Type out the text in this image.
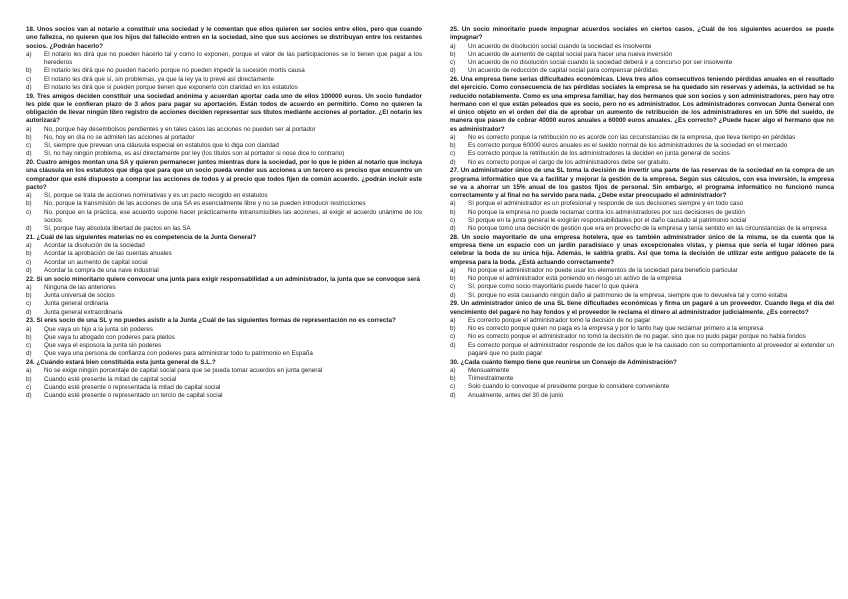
18. Unos socios van al notario a constituir una sociedad y le comentan que ellos quieren ser socios entre ellos, pero que cuando uno fallezca, no quieren que los hijos del fallecido entren en la sociedad, sino que sus acciones se distribuyan entre los restantes socios. ¿Podrán hacerlo?
a)	El notario les dirá que no pueden hacerlo tal y como lo exponen, porque el valor de las participaciones se lo tienen que pagar a los herederos
b)	El notario les dirá que no pueden hacerlo porque no pueden impedir la sucesión mortis causa
c)	El notario les dirá que sí, sin problemas, ya que la ley ya lo prevé así directamente
d)	El notario les dirá que sí pueden porque tienen que exponerlo con claridad en los estatutos
19. Tres amigos deciden constituir una sociedad anónima y acuerdan aportar cada uno de ellos 100000 euros. Un socio fundador les pide que le confieran plazo de 3 años para pagar su aportación. Están todos de acuerdo en permitirlo. Como no quieren la obligación de llevar ningún libro registro de acciones deciden representar sus títulos mediante acciones al portador. ¿El notario les autorizará?
a)	No, porque hay desembolsos pendientes y en tales casos las acciones no pueden ser al portador
b)	No, hoy en día no se admiten las acciones al portador
c)	Sí, siempre que prevean una cláusula especial en estatutos que lo diga con claridad
d)	Sí, no hay ningún problema, es así directamente por ley (los títulos son al portador si nose dice lo contrario)
20. Cuatro amigos montan una SA y quieren permanecer juntos mientras dure la sociedad, por lo que le piden al notario que incluya una cláusula en los estatutos que diga que para que un socio pueda vender sus acciones a un tercero es preciso que encuentre un comprador que esté dispuesto a comprar las acciones de todos y al precio que todos fijen de común acuerdo. ¿podrán incluir este pacto?
a)	Sí, porque se trata de acciones nominativas y es un pacto recogido en estatutos
b)	No, porque la transmisión de las acciones de una SA es esencialmente libre y no se pueden introducir restricciones
c)	No, porque en la práctica, ese acuerdo supone hacer prácticamente intransmisibles las acciones, al exigir el acuerdo unánime de los socios
d)	Sí, porque hay absoluta libertad de pactos en las SA
21. ¿Cuál de las siguientes materias no es competencia de la Junta General?
a)	Acordar la disolución de la sociedad
b)	Acordar la aprobación de las cuentas anuales
c)	Acordar un aumento de capital social
d)	Acordar la compra de una nave industrial
22. Si un socio minoritario quiere convocar una junta para exigir responsabilidad a un administrador, la junta que se convoque será
a)	Ninguna de las anteriores
b)	Junta universal de socios
c)	Junta general ordinaria
d)	Junta general extraordinaria
23. Si eres socio de una SL y no puedes asistir a la Junta ¿Cuál de las siguientes formas de representación no es correcta?
a)	Que vaya un hijo a la junta sin poderes
b)	Que vaya tu abogado con poderes para pleitos
c)	Que vaya el esposo/a la junta sin poderes
d)	Que vaya una persona de confianza con poderes para administrar todo tu patrimonio en España
24. ¿Cuándo estará bien constituida esta junta general de S.L.?
a)	No se exige ningún porcentaje de capital social para que se pueda tomar acuerdos en junta general
b)	Cuando esté presente la mitad de capital social
c)	Cuando esté presente o representada la mitad de capital social
d)	Cuando esté presente o representado un tercio de capital social
25. Un socio minoritario puede impugnar acuerdos sociales en ciertos casos. ¿Cuál de los siguientes acuerdos se puede impugnar?
a)	Un acuerdo de disolución social cuando la sociedad es insolvente
b)	Un acuerdo de aumento de capital social para hacer una nueva inversión
c)	Un acuerdo de no disolución social cuando la sociedad deberá ir a concurso por ser insolvente
d)	Un acuerdo de reducción de capital social para compensar pérdidas
26. Una empresa tiene serias dificultades económicas. Lleva tres años consecutivos teniendo pérdidas anuales en el resultado del ejercicio. Como consecuencia de las pérdidas sociales la empresa se ha quedado sin reservas y además, la actividad se ha reducido notablemente. Como es una empresa familiar, hay dos hermanos que son socios y son administradores, pero hay otro hermano con el que están peleados que es socio, pero no es administrador. Los administradores convocan Junta General con el único objeto en el orden del día de aprobar un aumento de retribución de los administradores en un 50% del sueldo, de manera que pasen de cobrar 40000 euros anuales a 60000 euros anuales. ¿Es correcto? ¿Puede hacer algo el hermano que no es administrador?
a)	No es correcto porque la retribución no es acorde con las circunstancias de la empresa, que lleva tiempo en pérdidas
b)	Es correcto porque 60000 euros anuales es el sueldo normal de los administradores de la sociedad en el mercado
c)	Es correcto porque la retribución de los administradores la deciden en junta general de socios
d)	No es correcto porque el cargo de los administradores debe ser gratuito.
27. Un administrador único de una SL toma la decisión de invertir una parte de las reservas de la sociedad en la compra de un programa informático que va a facilitar y mejorar la gestión de la empresa. Según sus cálculos, con esa inversión, la empresa se va a ahorrar un 15% anual de los gastos fijos de personal. Sin embargo, el programa informático no funcionó nunca correctamente y al final no ha servido para nada. ¿Debe estar preocupado el administrador?
a)	Sí porque el administrador es un profesional y responde de sus decisiones siempre y en todo caso
b)	No porque la empresa no puede reclamar contra los administradores por sus decisiones de gestión
c)	Sí porque en la junta general le exigirán responsabilidades por el daño causado al patrimonio social
d)	No porque tomó una decisión de gestión que era en provecho de la empresa y tenía sentido en las circunstancias de la empresa
28. Un socio mayoritario de una empresa hotelera, que es también administrador único de la misma, se da cuenta que la empresa tiene un espacio con un jardín paradisíaco y unas excepcionales vistas, y piensa que sería el lugar idóneo para celebrar la boda de su única hija. Además, le saldría gratis. Así que toma la decisión de utilizar este antiguo palacete de la empresa para la boda. ¿Está actuando correctamente?
a)	No porque el administrador no puede usar los elementos de la sociedad para beneficio particular
b)	No porque el administrador está poniendo en riesgo un activo de la empresa
c)	Sí, porque como socio mayoritario puede hacer lo que quiera
d)	Sí, porque no está causando ningún daño al patrimonio de la empresa, siempre que lo devuelva tal y como estaba
29. Un administrador único de una SL tiene dificultades económicas y firma un pagaré a un proveedor. Cuando llega el día del vencimiento del pagaré no hay fondos y el proveedor le reclama el dinero al administrador judicialmente. ¿Es correcto?
a)	Es correcto porque el administrador tomó la decisión de no pagar
b)	No es correcto porque quien no paga es la empresa y por lo tanto hay que reclamar primero a la empresa
c)	No es correcto porque el administrador no tomó la decisión de no pagar, sino que no pudo pagar porque no había fondos
d)	Es correcto porque el administrador responde de los daños que le ha causado con su comportamiento al proveedor al extender un pagaré que no pudo pagar
30. ¿Cada cuánto tiempo tiene que reunirse un Consejo de Administración?
a)	Mensualmente
b)	Trimestralmente
c)	Solo cuando lo convoque el presidente porque lo considere conveniente
d)	Anualmente, antes del 30 de junio
